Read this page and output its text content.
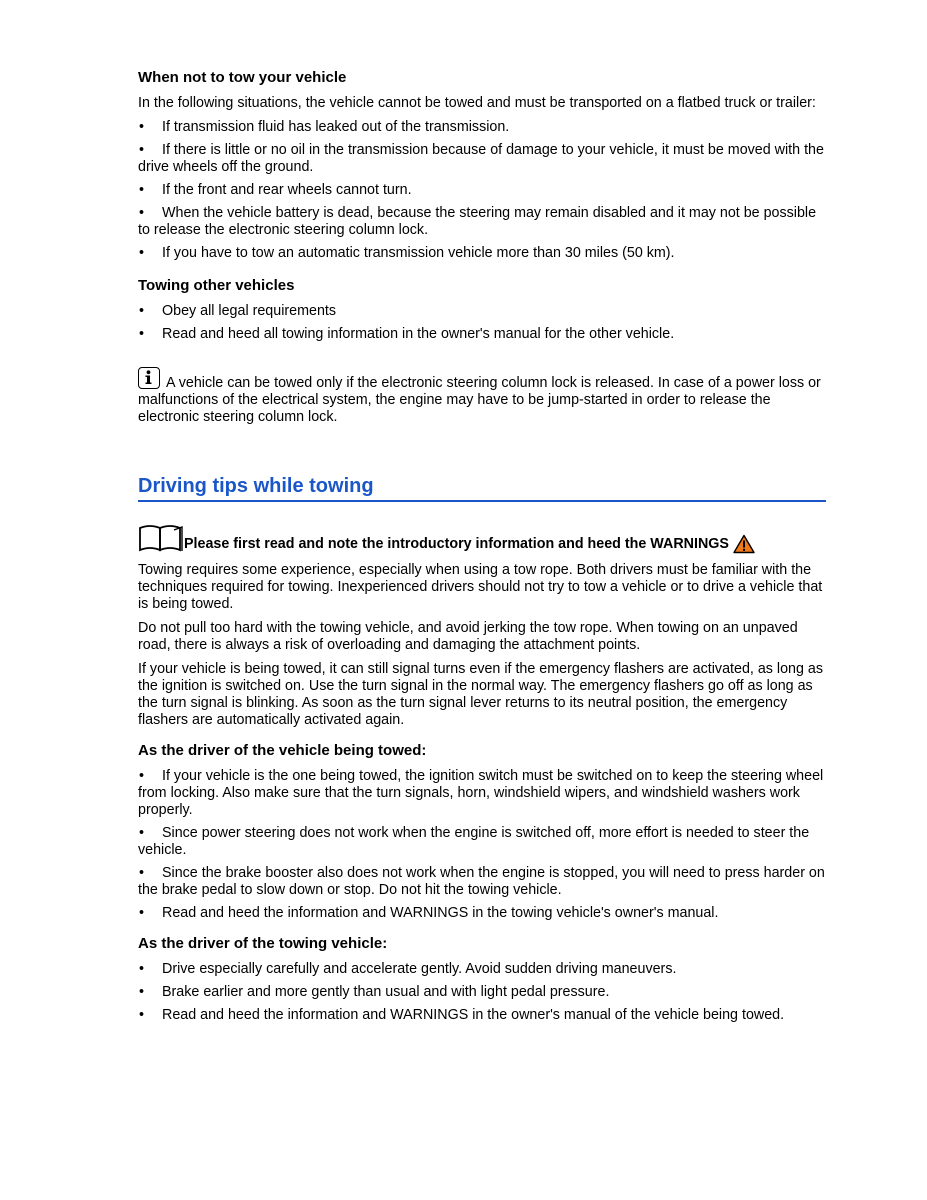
When not to tow your vehicle

In the following situations, the vehicle cannot be towed and must be transported on a flatbed truck or trailer:

• If transmission fluid has leaked out of the transmission.
• If there is little or no oil in the transmission because of damage to your vehicle, it must be moved with the drive wheels off the ground.
• If the front and rear wheels cannot turn.
• When the vehicle battery is dead, because the steering may remain disabled and it may not be possible to release the electronic steering column lock.
• If you have to tow an automatic transmission vehicle more than 30 miles (50 km).
Towing other vehicles
• Obey all legal requirements
• Read and heed all towing information in the owner's manual for the other vehicle.
A vehicle can be towed only if the electronic steering column lock is released. In case of a power loss or malfunctions of the electrical system, the engine may have to be jump-started in order to release the electronic steering column lock.
Driving tips while towing
Please first read and note the introductory information and heed the WARNINGS

Towing requires some experience, especially when using a tow rope. Both drivers must be familiar with the techniques required for towing. Inexperienced drivers should not try to tow a vehicle or to drive a vehicle that is being towed.

Do not pull too hard with the towing vehicle, and avoid jerking the tow rope. When towing on an unpaved road, there is always a risk of overloading and damaging the attachment points.

If your vehicle is being towed, it can still signal turns even if the emergency flashers are activated, as long as the ignition is switched on. Use the turn signal in the normal way. The emergency flashers go off as long as the turn signal is blinking. As soon as the turn signal lever returns to its neutral position, the emergency flashers are automatically activated again.

As the driver of the vehicle being towed:
• If your vehicle is the one being towed, the ignition switch must be switched on to keep the steering wheel from locking. Also make sure that the turn signals, horn, windshield wipers, and windshield washers work properly.
• Since power steering does not work when the engine is switched off, more effort is needed to steer the vehicle.
• Since the brake booster also does not work when the engine is stopped, you will need to press harder on the brake pedal to slow down or stop. Do not hit the towing vehicle.
• Read and heed the information and WARNINGS in the towing vehicle's owner's manual.
As the driver of the towing vehicle:
• Drive especially carefully and accelerate gently. Avoid sudden driving maneuvers.
• Brake earlier and more gently than usual and with light pedal pressure.
• Read and heed the information and WARNINGS in the owner's manual of the vehicle being towed.
